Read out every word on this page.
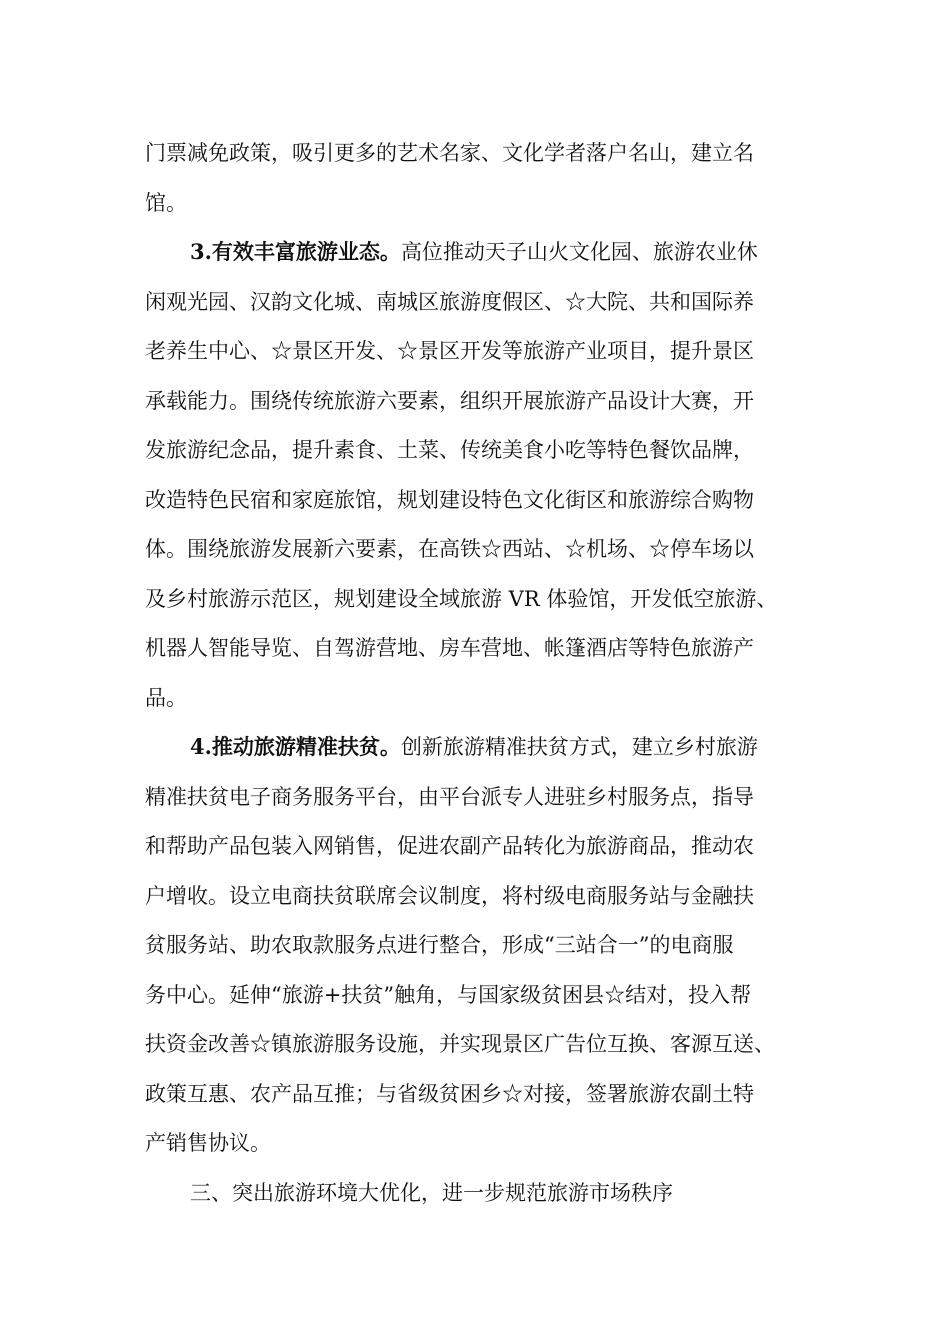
门票减免政策，吸引更多的艺术名家、文化学者落户名山，建立名
馆。
3.有效丰富旅游业态。高位推动天子山火文化园、旅游农业休
闲观光园、汉韵文化城、南城区旅游度假区、☆大院、共和国际养
老养生中心、☆景区开发、☆景区开发等旅游产业项目，提升景区
承载能力。围绕传统旅游六要素，组织开展旅游产品设计大赛，开
发旅游纪念品，提升素食、土菜、传统美食小吃等特色餐饮品牌，
改造特色民宿和家庭旅馆，规划建设特色文化街区和旅游综合购物
体。围绕旅游发展新六要素，在高铁☆西站、☆机场、☆停车场以
及乡村旅游示范区，规划建设全域旅游 VR 体验馆，开发低空旅游、
机器人智能导览、自驾游营地、房车营地、帐篷酒店等特色旅游产
品。
4.推动旅游精准扶贫。创新旅游精准扶贫方式，建立乡村旅游
精准扶贫电子商务服务平台，由平台派专人进驻乡村服务点，指导
和帮助产品包装入网销售，促进农副产品转化为旅游商品，推动农
户增收。设立电商扶贫联席会议制度，将村级电商服务站与金融扶
贫服务站、助农取款服务点进行整合，形成“三站合一”的电商服
务中心。延伸“旅游+扶贫”触角，与国家级贫困县☆结对，投入帮
扶资金改善☆镇旅游服务设施，并实现景区广告位互换、客源互送、
政策互惠、农产品互推；与省级贫困乡☆对接，签署旅游农副土特
产销售协议。
三、突出旅游环境大优化，进一步规范旅游市场秩序
